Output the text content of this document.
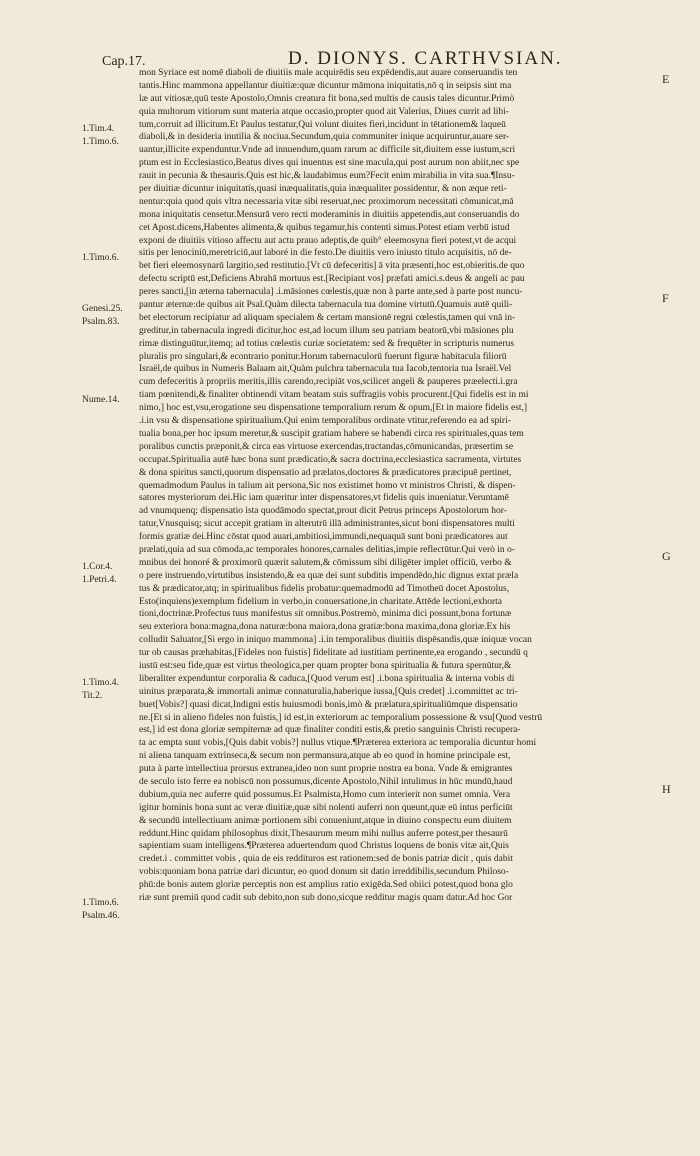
Cap.17.	D. DIONYS. CARTHVSIAN.
1.Tim.4.
1.Timo.6.
1.Timo.6.
Genesi.25.
Psalm.83.
Nume.14.
1.Cor.4.
1.Petri.4.
1.Timo.4.
Tit.2.
1.Timo.6.
Psalm.46.
E
F
G
H
mon Syriace est nomē diaboli de diuitiis male acquirēdis seu expēdendis,aut auare conseruandis ten
tantis.Hinc mammona appellantur diuitiæ:quæ dicuntur māmona iniquitatis,nō q in seipsis sint ma
læ aut vitiosæ,quū teste Apostolo,Omnis creatura fit bona,sed multis de causis tales dicuntur.Primò
quia multorum vitiorum sunt materia atque occasio,propter quod ait Valerius, Diues currit ad libi-
tum,corruit ad illicitum.Et Paulus testatur,Qui volunt diuites fieri,incidunt in tētationem& laqueū
diaboli,& in desideria inutilia & nociua.Secundum,quia communiter inique acquiruntur,auare ser-
uantur,illicite expenduntur.Vnde ad innuendum,quam rarum ac difficile sit,diuitem esse iustum,scri
ptum est in Ecclesiastico,Beatus dives qui inuentus est sine macula,qui post aurum non abiit,nec spe
rauit in pecunia & thesauris.Quis est hic,& laudabimus eum?Fecit enim mirabilia in vita sua.¶Insu-
per diuitiæ dicuntur iniquitatis,quasi inæqualitatis,quia inæqualiter possidentur, & non æque reti-
nentur:quia quod quis vltra necessaria vitæ sibi reseruat,nec proximorum necessitati cōmunicat,mā
mona iniquitatis censetur.Mensurā vero recti moderaminis in diuitiis appetendis,aut conseruandis do
cet Apost.dicens,Habentes alimenta,& quibus tegamur,his contenti simus.Potest etiam verbū istud
exponi de diuitiis vitioso affectu aut actu prauo adeptis,de quib° eleemosyna fieri potest,vt de acqui
sitis per lenociniū,meretriciū,aut laboré in die festo.De diuitiis vero iniusto titulo acquisitis, nō de-
bet fieri eleemosynarū largitio,sed restitutio.[Vt cū defeceritis] ā vita præsenti,hoc est,obieritis.de quo
defectu scriptū est,Deficiens Abrahā mortuus est.[Recipiant vos] præfati amici.s.deus & angeli ac pau
peres sancti,[in æterna tabernacula] .i.māsiones cœlestis,quæ non à parte ante,sed à parte post nuncu-
pantur æternæ:de quibus ait Psal.Quàm dilecta tabernacula tua domine virtutū.Quamuis autē quili-
bet electorum recipiatur ad aliquam specialem & certam mansionē regni cœlestis,tamen qui vnā in-
greditur,in tabernacula ingredi dicitur,hoc est,ad locum illum seu patriam beatorū,vbi māsiones plu
rimæ distinguūtur,itemq; ad totius cœlestis curiæ societatem: sed & frequēter in scripturis numerus
pluralis pro singulari,& econtrario ponitur.Horum tabernaculorū fuerunt figuræ habitacula filiorū
Israël,de quibus in Numeris Balaam ait,Quàm pulchra tabernacula tua Iacob,tentoria tua Israël.Vel
cum defeceritis à propriis meritis,illis carendo,recipiāt vos,scilicet angeli & pauperes præelecti.i.gra
tiam pœnitendi,& finaliter obtinendi vitam beatam suis suffragiis vobis procurent.[Qui fidelis est in mi
nimo,] hoc est,vsu,erogatione seu dispensatione temporalium rerum & opum,[Et in maiore fidelis est,]
.i.in vsu & dispensatione spiritualium.Qui enim temporalibus ordinate vtitur,referendo ea ad spiri-
tualia bona,per hoc ipsum meretur,& suscipit gratiam habere se habendi circa res spirituales,quas tem
poralibus cunctis præponit,& circa eas virtuose exercendas,tractandas,cōmunicandas, præsertim se
occupat.Spiritualia autē hæc bona sunt prædicatio,& sacra doctrina,ecclesiastica sacramenta, virtutes
& dona spiritus sancti,quorum dispensatio ad prælatos,doctores & prædicatores præcipuē pertinet,
quemadmodum Paulus in talium ait persona,Sic nos existimet homo vt ministros Christi, & dispen-
satores mysteriorum dei.Hic iam quæritur inter dispensatores,vt fidelis quis inueniatur.Veruntamē
ad vnumquenq; dispensatio ista quodāmodo spectat,prout dicit Petrus princeps Apostolorum hor-
tatur,Vnusquisq; sicut accepit gratiam in alterutrū illā administrantes,sicut boni dispensatores multi
formis gratiæ dei.Hinc cōstat quod auari,ambitiosi,immundi,nequaquā sunt boni prædicatores aut
prælati,quia ad sua cōmoda,ac temporales honores,carnales delitias,impie reflectūtur.Qui verò in o-
mnibus dei honoré & proximorū quærit salutem,& cōmissum sibi diligēter implet officiū, verbo &
o pere instruendo,virtutibus insistendo,& ea quæ dei sunt subditis impendēdo,hic dignus extat præla
tus & prædicator,atq; in spiritualibus fidelis probatur:quemadmodū ad Timotheū docet Apostolus,
Esto(inquiens)exemplum fidelium in verbo,in conuersatione,in charitate.Attēde lectioni,exhorta
tioni,doctrinæ.Profectus tuus manifestus sit omnibus.Postremò, minima dici possunt,bona fortunæ
seu exteriora bona:magna,dona naturæ:bona maiora,dona gratiæ:bona maxima,dona gloriæ.Ex his
colludit Saluator,[Si ergo in iniquo mammona] .i.in temporalibus diuitiis dispēsandis,quæ iniquæ vocan
tur ob causas præhabitas,[Fideles non fuistis] fidelitate ad iustitiam pertinente,ea erogando , secundū q
iustū est:seu fide,quæ est virtus theologica,per quam propter bona spiritualia & futura spernūtur,&
liberaliter expenduntur corporalia & caduca,[Quod verum est] .i.bona spiritualia & interna vobis di
uinitus præparata,& immortali animæ connaturalia,haberique iussa,[Quis credet] .i.committet ac tri-
buet[Vobis?] quasi dicat,Indigni estis huiusmodi bonis,imò & prælatura,spiritualiūmque dispensatio
ne.[Et si in alieno fideles non fuistis,] id est,in exteriorum ac temporalium possessione & vsu[Quod vestrū
est,] id est dona gloriæ sempiternæ ad quæ finaliter conditi estis,& pretio sanguinis Christi recupera-
ta ac empta sunt vobis,[Quis dabit vobis?] nullus vtique.¶Præterea exteriora ac temporalia dicuntur homi
ni aliena tanquam extrinseca,& secum non permansura,atque ab eo quod in homine principale est,
puta à parte intellectiua prorsus extranea,ideo non sunt proprie nostra ea bona. Vnde & emigrantes
de seculo isto ferre ea nobiscū non possumus,dicente Apostolo,Nihil intulimus in hūc mundū,haud
dubium,quia nec auferre quid possumus.Et Psalmista,Homo cum interierit non sumet omnia. Vera
igitur hominis bona sunt ac veræ diuitiæ,quæ sibi nolenti auferri non queunt,quæ eū intus perficiūt
& secundū intellectiuam animæ portionem sibi conueniunt,atque in diuino conspectu eum diuitem
reddunt.Hinc quidam philosophus dixit,Thesaurum meum mihi nullus auferre potest,per thesaurū
sapientiam suam intelligens.¶Præterea aduertendum quod Christus loquens de bonis vitæ ait,Quis
credet.i . committet vobis , quia de eis reddituros est rationem:sed de bonis patriæ dicit , quis dabit
vobis:quoniam bona patriæ dari dicuntur, eo quod donum sit datio irreddibilis,secundum Philoso-
phū:de bonis autem gloriæ perceptis non est amplius ratio exigēda.Sed obiici potest,quod bona glo
riæ sunt premiū quod cadit sub debito,non sub dono,sicque redditur magis quam datur.Ad hoc Gor
